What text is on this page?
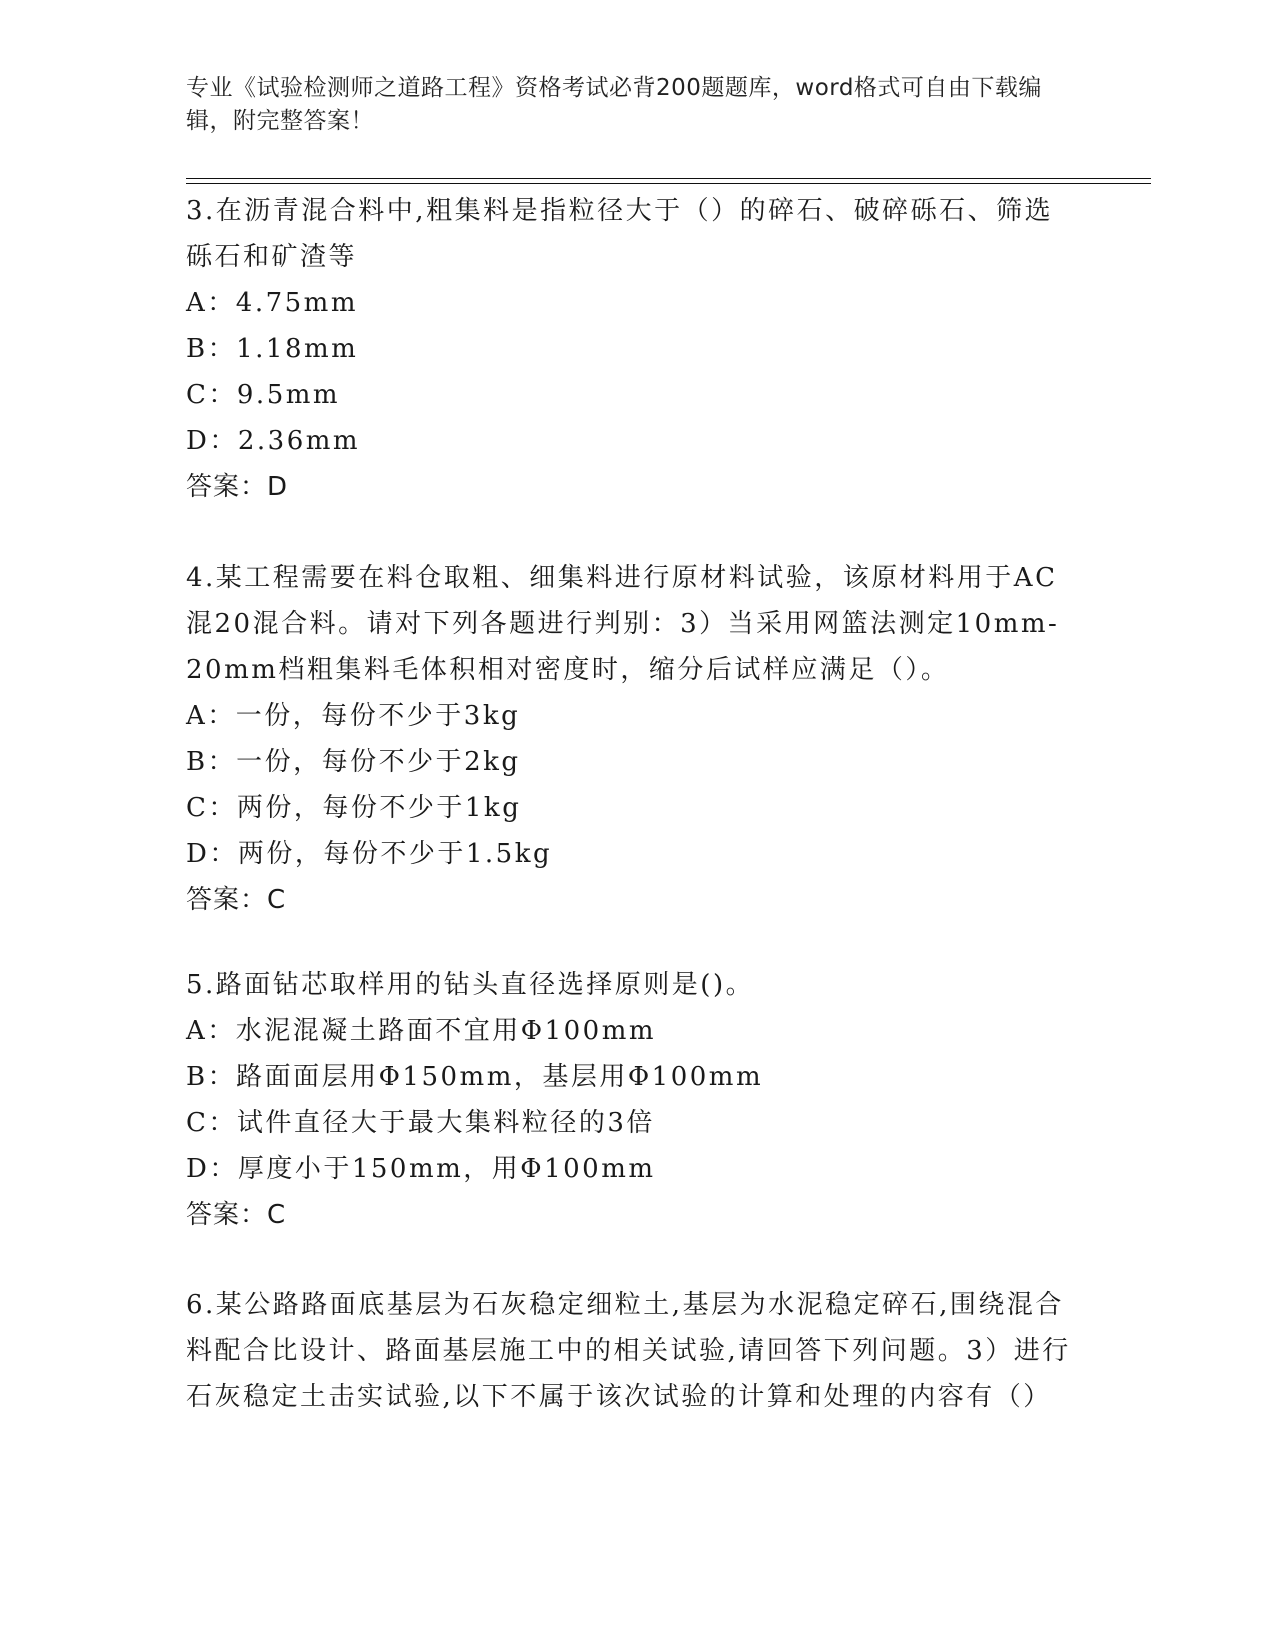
专业《试验检测师之道路工程》资格考试必背200题题库，word格式可自由下载编辑，附完整答案！

3.在沥青混合料中,粗集料是指粒径大于（）的碎石、破碎砾石、筛选砾石和矿渣等

A：4.75mm

B：1.18mm

C：9.5mm

D：2.36mm

答案：D

4.某工程需要在料仓取粗、细集料进行原材料试验，该原材料用于AC混20混合料。请对下列各题进行判别：3）当采用网篮法测定10mm-20mm档粗集料毛体积相对密度时，缩分后试样应满足（）。

A：一份，每份不少于3kg

B：一份，每份不少于2kg

C：两份，每份不少于1kg

D：两份，每份不少于1.5kg

答案：C

5.路面钻芯取样用的钻头直径选择原则是()。

A：水泥混凝土路面不宜用Φ100mm

B：路面面层用Φ150mm，基层用Φ100mm

C：试件直径大于最大集料粒径的3倍

D：厚度小于150mm，用Φ100mm

答案：C

6.某公路路面底基层为石灰稳定细粒土,基层为水泥稳定碎石,围绕混合料配合比设计、路面基层施工中的相关试验,请回答下列问题。3）进行石灰稳定土击实试验,以下不属于该次试验的计算和处理的内容有（）
